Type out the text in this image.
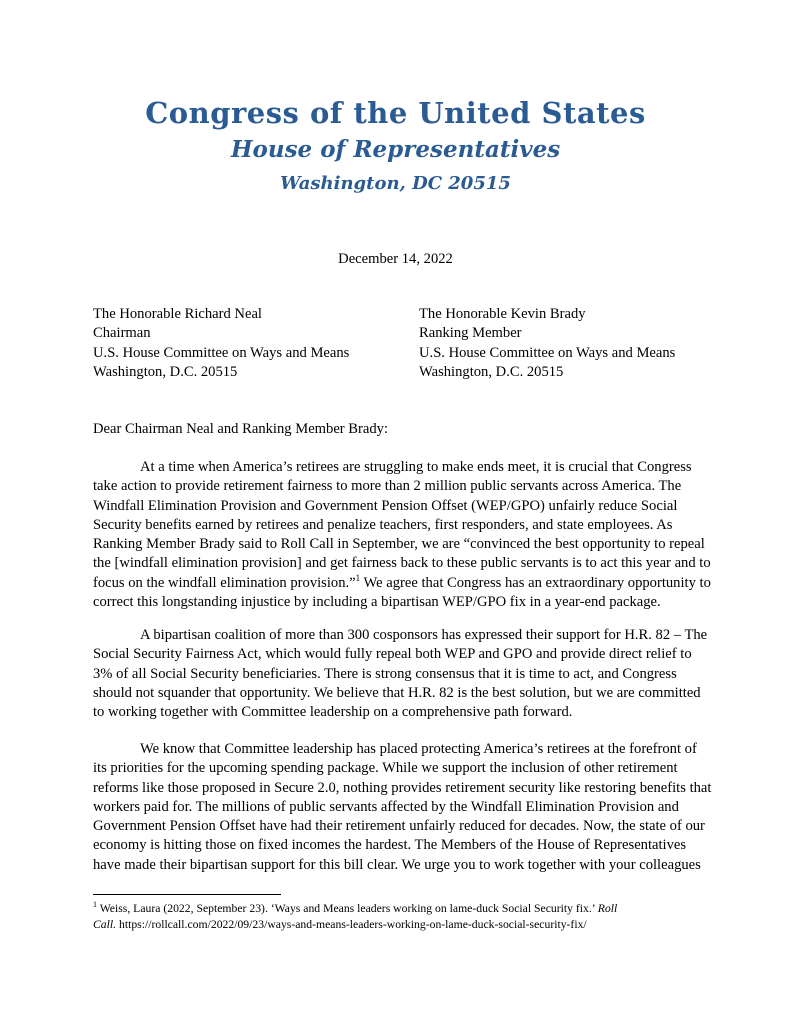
Congress of the United States
House of Representatives
Washington, DC 20515
December 14, 2022
The Honorable Richard Neal
Chairman
U.S. House Committee on Ways and Means
Washington, D.C. 20515
The Honorable Kevin Brady
Ranking Member
U.S. House Committee on Ways and Means
Washington, D.C. 20515
Dear Chairman Neal and Ranking Member Brady:
At a time when America’s retirees are struggling to make ends meet, it is crucial that Congress
take action to provide retirement fairness to more than 2 million public servants across America. The
Windfall Elimination Provision and Government Pension Offset (WEP/GPO) unfairly reduce Social
Security benefits earned by retirees and penalize teachers, first responders, and state employees. As
Ranking Member Brady said to Roll Call in September, we are “convinced the best opportunity to repeal
the [windfall elimination provision] and get fairness back to these public servants is to act this year and to
focus on the windfall elimination provision.”$^1$ We agree that Congress has an extraordinary opportunity to
correct this longstanding injustice by including a bipartisan WEP/GPO fix in a year-end package.
A bipartisan coalition of more than 300 cosponsors has expressed their support for H.R. 82 – The
Social Security Fairness Act, which would fully repeal both WEP and GPO and provide direct relief to
3% of all Social Security beneficiaries. There is strong consensus that it is time to act, and Congress
should not squander that opportunity. We believe that H.R. 82 is the best solution, but we are committed
to working together with Committee leadership on a comprehensive path forward.
We know that Committee leadership has placed protecting America’s retirees at the forefront of
its priorities for the upcoming spending package. While we support the inclusion of other retirement
reforms like those proposed in Secure 2.0, nothing provides retirement security like restoring benefits that
workers paid for. The millions of public servants affected by the Windfall Elimination Provision and
Government Pension Offset have had their retirement unfairly reduced for decades. Now, the state of our
economy is hitting those on fixed incomes the hardest. The Members of the House of Representatives
have made their bipartisan support for this bill clear. We urge you to work together with your colleagues
$^1$ Weiss, Laura (2022, September 23). ‘Ways and Means leaders working on lame-duck Social Security fix.’ Roll
Call. https://rollcall.com/2022/09/23/ways-and-means-leaders-working-on-lame-duck-social-security-fix/
